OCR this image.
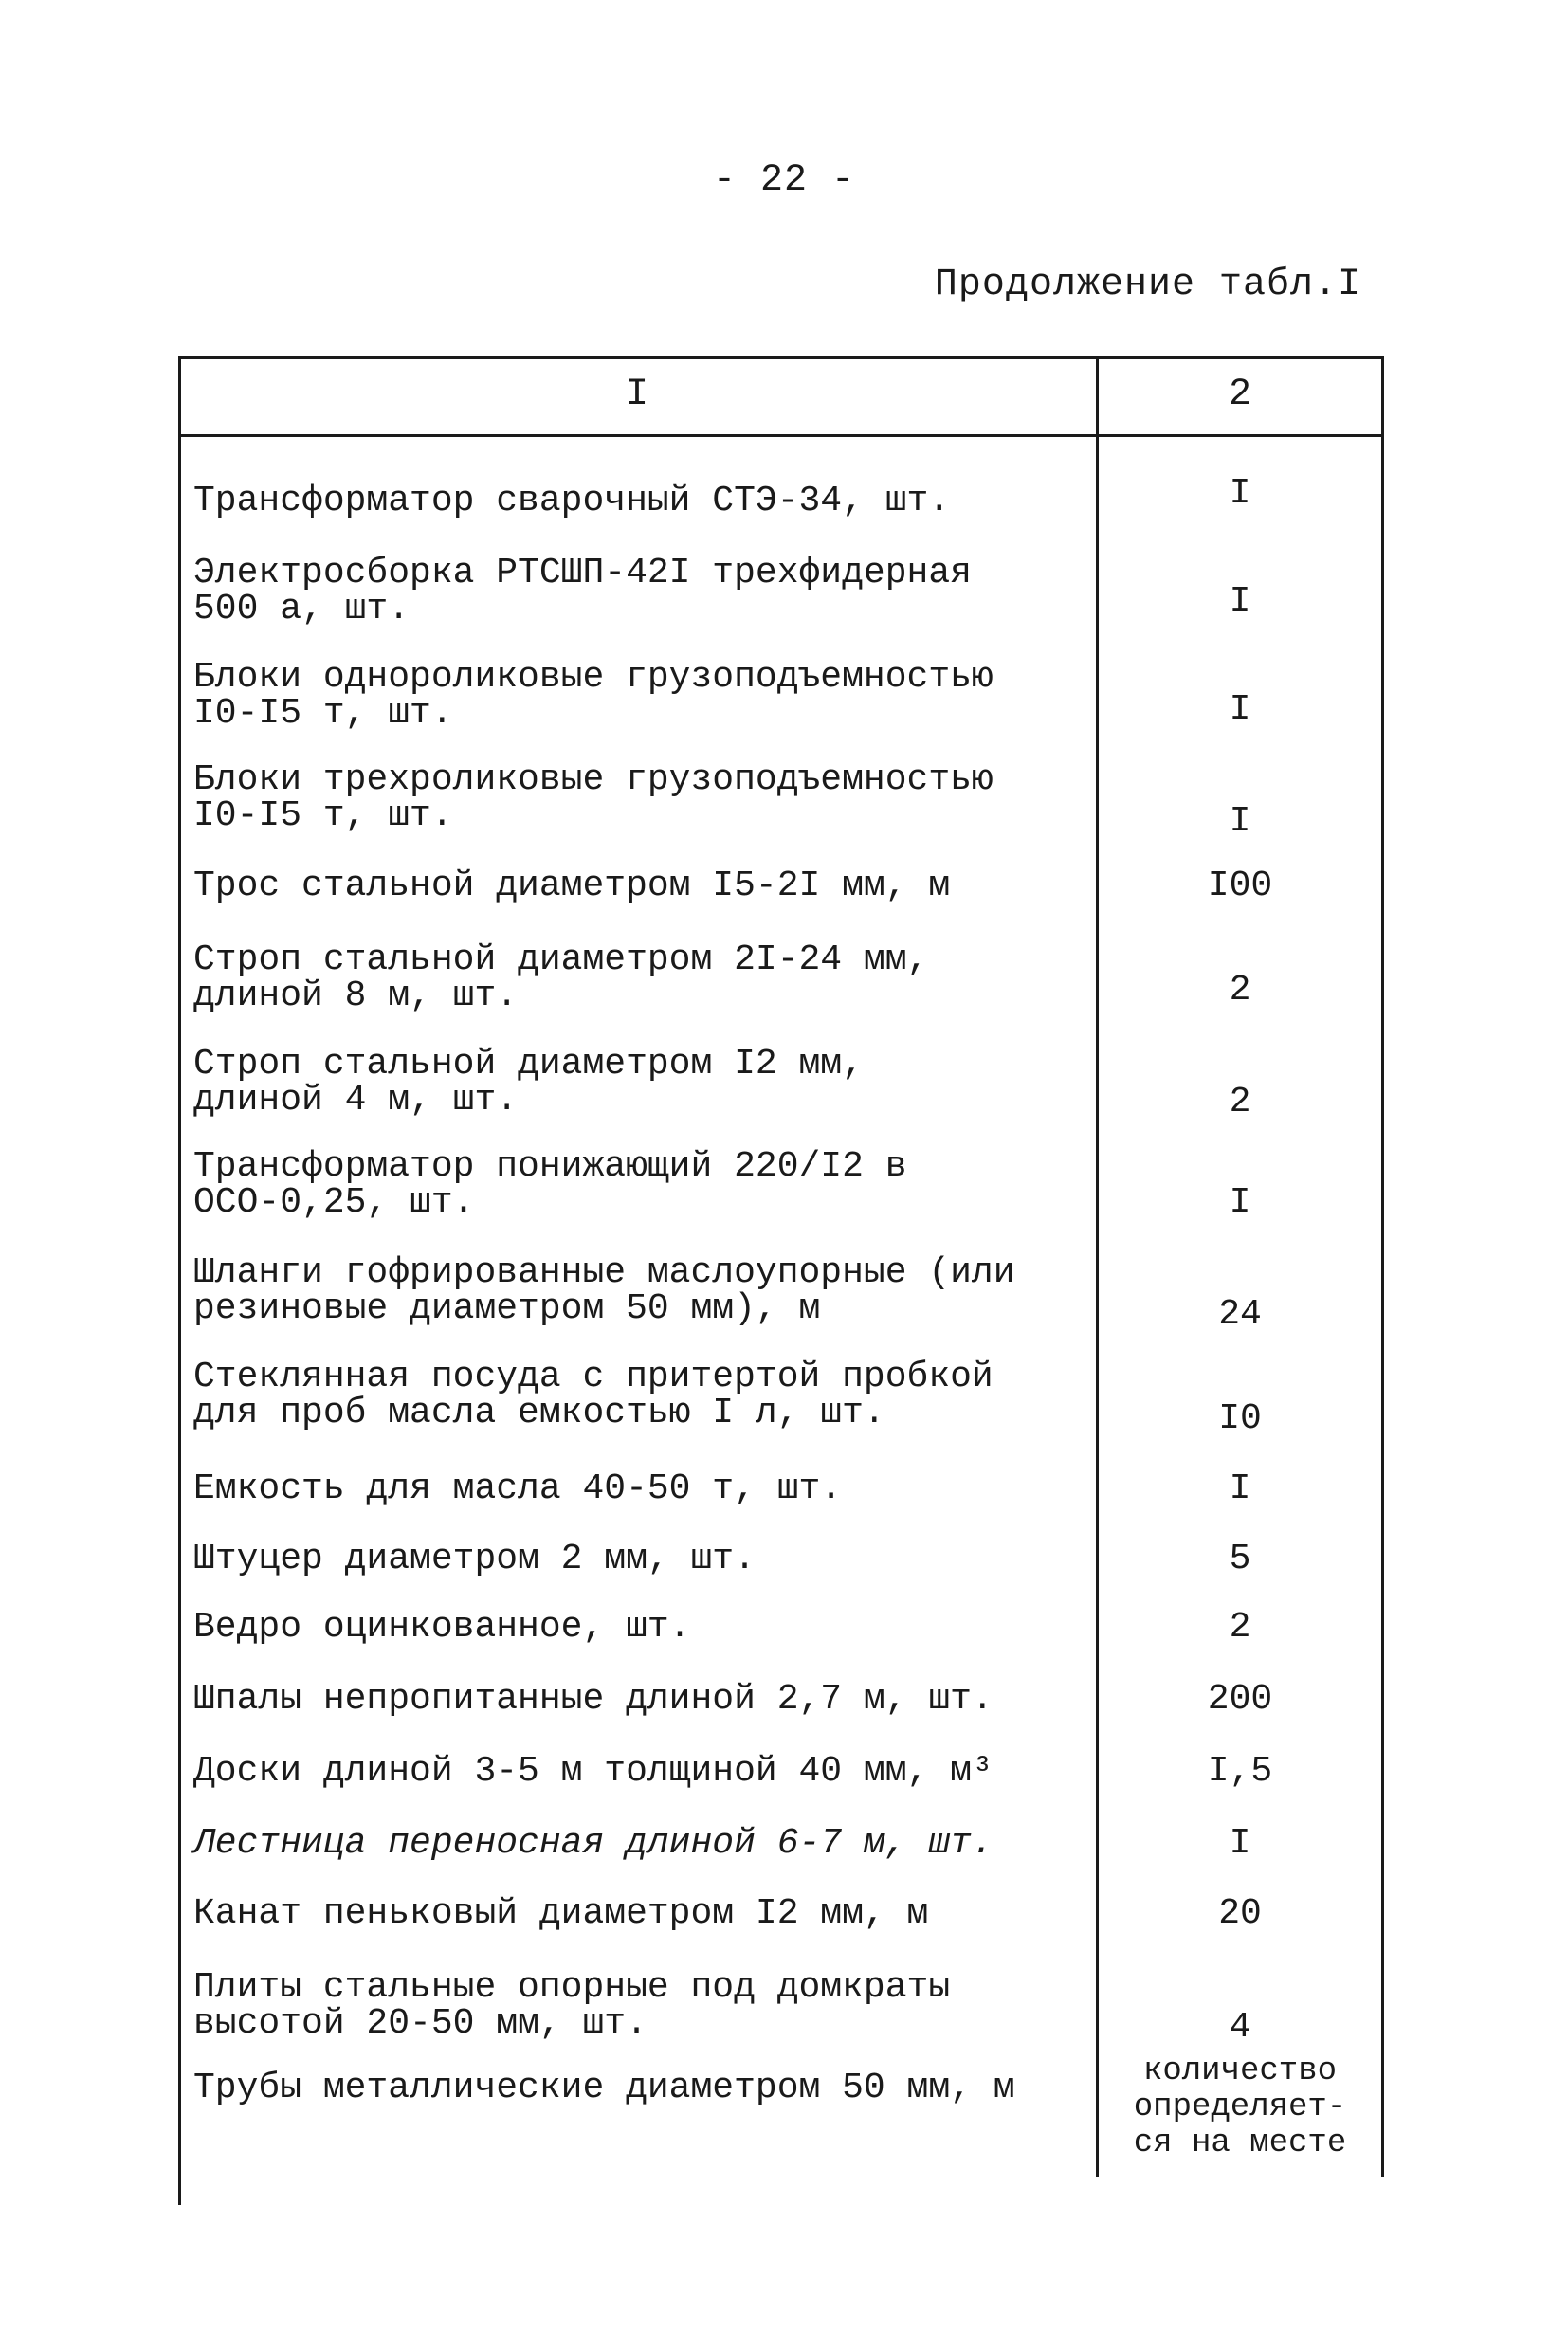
- 22 -
Продолжение табл.I
I	2
Трансформатор сварочный СТЭ-34, шт.	I
Электросборка РТСШП-42I трехфидерная
500 а, шт.	I
Блоки однороликовые грузоподъемностью
I0-I5 т, шт.	I
Блоки трехроликовые грузоподъемностью
I0-I5 т, шт.	I
Трос стальной диаметром I5-2I мм, м	I00
Строп стальной диаметром 2I-24 мм,
длиной 8 м, шт.	2
Строп стальной диаметром I2 мм,
длиной 4 м, шт.	2
Трансформатор понижающий 220/I2 в
ОСО-0,25, шт.	I
Шланги гофрированные маслоупорные (или
резиновые диаметром 50 мм), м	24
Стеклянная посуда с притертой пробкой
для проб масла емкостью I л, шт.	I0
Емкость для масла 40-50 т, шт.	I
Штуцер диаметром 2 мм, шт.	5
Ведро оцинкованное, шт.	2
Шпалы непропитанные длиной 2,7 м, шт.	200
Доски длиной 3-5 м толщиной 40 мм, м³	I,5
Лестница переносная длиной 6-7 м, шт.	I
Канат пеньковый диаметром I2 мм, м	20
Плиты стальные опорные под домкраты
высотой 20-50 мм, шт.	4
Трубы металлические диаметром 50 мм, м	количество
определяет-
ся на месте
